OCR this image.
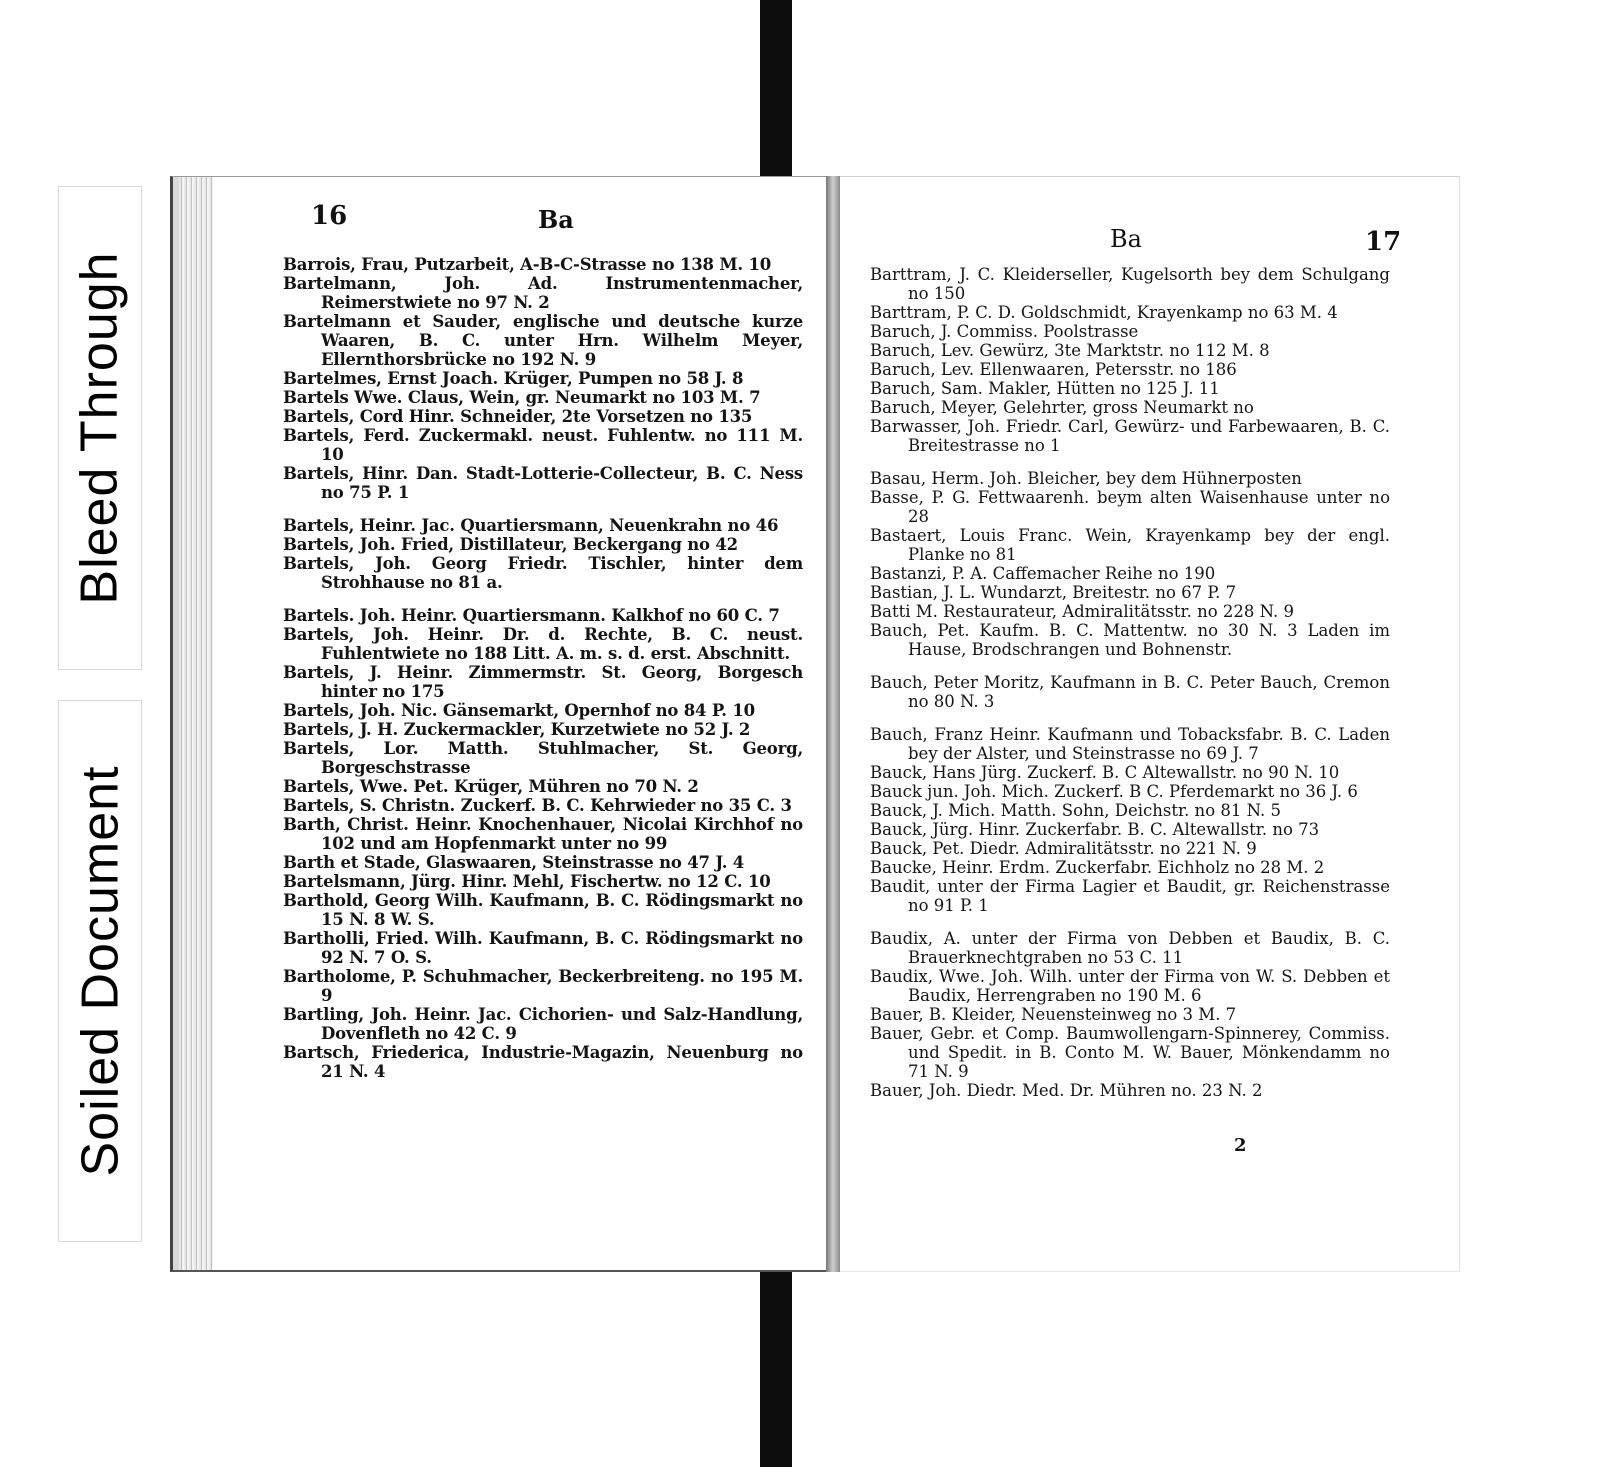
Bleed Through
Soiled Document
16	Ba
Barrois, Frau, Putzarbeit, A-B-C-Strasse no 138 M. 10
Bartelmann, Joh. Ad. Instrumentenmacher, Reimerstwiete no 97 N. 2
Bartelmann et Sauder, englische und deutsche kurze Waaren, B. C. unter Hrn. Wilhelm Meyer, Ellernthorsbrücke no 192 N. 9
Bartelmes, Ernst Joach. Krüger, Pumpen no 58 J. 8
Bartels Wwe. Claus, Wein, gr. Neumarkt no 103 M. 7
Bartels, Cord Hinr. Schneider, 2te Vorsetzen no 135
Bartels, Ferd. Zuckermakl. neust. Fuhlentw. no 111 M. 10
Bartels, Hinr. Dan. Stadt-Lotterie-Collecteur, B. C. Ness no 75 P. 1
Bartels, Heinr. Jac. Quartiersmann, Neuenkrahn no 46
Bartels, Joh. Fried, Distillateur, Beckergang no 42
Bartels, Joh. Georg Friedr. Tischler, hinter dem Strohhause no 81 a.
Bartels. Joh. Heinr. Quartiersmann. Kalkhof no 60 C. 7
Bartels, Joh. Heinr. Dr. d. Rechte, B. C. neust. Fuhlentwiete no 188 Litt. A. m. s. d. erst. Abschnitt.
Bartels, J. Heinr. Zimmermstr. St. Georg, Borgesch hinter no 175
Bartels, Joh. Nic. Gänsemarkt, Opernhof no 84 P. 10
Bartels, J. H. Zuckermackler, Kurzetwiete no 52 J. 2
Bartels, Lor. Matth. Stuhlmacher, St. Georg, Borgeschstrasse
Bartels, Wwe. Pet. Krüger, Mühren no 70 N. 2
Bartels, S. Christn. Zuckerf. B. C. Kehrwieder no 35 C. 3
Barth, Christ. Heinr. Knochenhauer, Nicolai Kirchhof no 102 und am Hopfenmarkt unter no 99
Barth et Stade, Glaswaaren, Steinstrasse no 47 J. 4
Bartelsmann, Jürg. Hinr. Mehl, Fischertw. no 12 C. 10
Barthold, Georg Wilh. Kaufmann, B. C. Rödingsmarkt no 15 N. 8 W. S.
Bartholli, Fried. Wilh. Kaufmann, B. C. Rödingsmarkt no 92 N. 7 O. S.
Bartholome, P. Schuhmacher, Beckerbreiteng. no 195 M. 9
Bartling, Joh. Heinr. Jac. Cichorien- und Salz-Handlung, Dovenfleth no 42 C. 9
Bartsch, Friederica, Industrie-Magazin, Neuenburg no 21 N. 4
Ba	17
Barttram, J. C. Kleiderseller, Kugelsorth bey dem Schulgang no 150
Barttram, P. C. D. Goldschmidt, Krayenkamp no 63 M. 4
Baruch, J. Commiss. Poolstrasse
Baruch, Lev. Gewürz, 3te Marktstr. no 112 M. 8
Baruch, Lev. Ellenwaaren, Petersstr. no 186
Baruch, Sam. Makler, Hütten no 125 J. 11
Baruch, Meyer, Gelehrter, gross Neumarkt no
Barwasser, Joh. Friedr. Carl, Gewürz- und Farbewaaren, B. C. Breitestrasse no 1
Basau, Herm. Joh. Bleicher, bey dem Hühnerposten
Basse, P. G. Fettwaarenh. beym alten Waisenhause unter no 28
Bastaert, Louis Franc. Wein, Krayenkamp bey der engl. Planke no 81
Bastanzi, P. A. Caffemacher Reihe no 190
Bastian, J. L. Wundarzt, Breitestr. no 67 P. 7
Batti M. Restaurateur, Admiralitätsstr. no 228 N. 9
Bauch, Pet. Kaufm. B. C. Mattentw. no 30 N. 3 Laden im Hause, Brodschrangen und Bohnenstr.
Bauch, Peter Moritz, Kaufmann in B. C. Peter Bauch, Cremon no 80 N. 3
Bauch, Franz Heinr. Kaufmann und Tobacksfabr. B. C. Laden bey der Alster, und Steinstrasse no 69 J. 7
Bauck, Hans Jürg. Zuckerf. B. C Altewallstr. no 90 N. 10
Bauck jun. Joh. Mich. Zuckerf. B C. Pferdemarkt no 36 J. 6
Bauck, J. Mich. Matth. Sohn, Deichstr. no 81 N. 5
Bauck, Jürg. Hinr. Zuckerfabr. B. C. Altewallstr. no 73
Bauck, Pet. Diedr. Admiralitätsstr. no 221 N. 9
Baucke, Heinr. Erdm. Zuckerfabr. Eichholz no 28 M. 2
Baudit, unter der Firma Lagier et Baudit, gr. Reichenstrasse no 91 P. 1
Baudix, A. unter der Firma von Debben et Baudix, B. C. Brauerknechtgraben no 53 C. 11
Baudix, Wwe. Joh. Wilh. unter der Firma von W. S. Debben et Baudix, Herrengraben no 190 M. 6
Bauer, B. Kleider, Neuensteinweg no 3 M. 7
Bauer, Gebr. et Comp. Baumwollengarn-Spinnerey, Commiss. und Spedit. in B. Conto M. W. Bauer, Mönkendamm no 71 N. 9
Bauer, Joh. Diedr. Med. Dr. Mühren no. 23 N. 2
2
